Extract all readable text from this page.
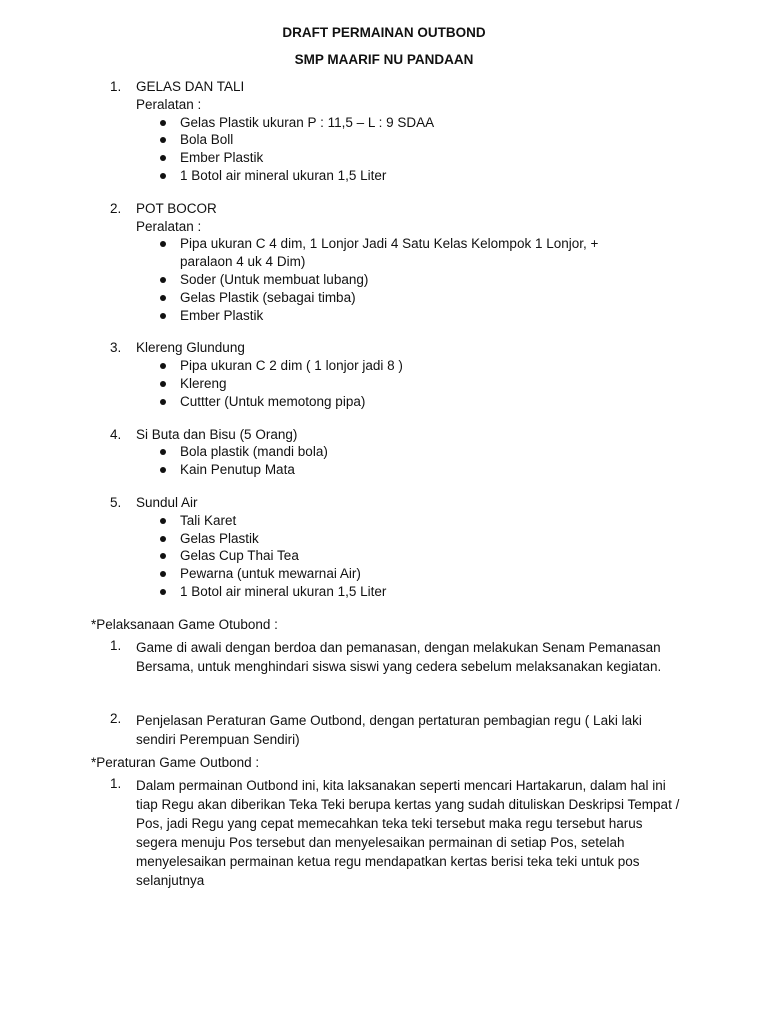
DRAFT PERMAINAN OUTBOND
SMP MAARIF NU PANDAAN
1. GELAS DAN TALI
Peralatan :
Gelas Plastik ukuran P : 11,5 – L : 9 SDAA
Bola Boll
Ember Plastik
1 Botol air mineral ukuran 1,5 Liter
2. POT BOCOR
Peralatan :
Pipa ukuran C 4 dim, 1 Lonjor Jadi 4 Satu Kelas Kelompok 1 Lonjor, + paralaon 4 uk 4 Dim)
Soder (Untuk membuat lubang)
Gelas Plastik (sebagai timba)
Ember Plastik
3. Klereng Glundung
Pipa ukuran C 2 dim ( 1 lonjor jadi 8 )
Klereng
Cuttter (Untuk memotong pipa)
4. Si Buta dan Bisu (5 Orang)
Bola plastik (mandi bola)
Kain Penutup Mata
5. Sundul Air
Tali Karet
Gelas Plastik
Gelas Cup Thai Tea
Pewarna (untuk mewarnai Air)
1 Botol air mineral ukuran 1,5 Liter
*Pelaksanaan Game Otubond :
1.	Game di awali dengan berdoa dan pemanasan, dengan melakukan Senam Pemanasan Bersama, untuk menghindari siswa siswi yang cedera sebelum melaksanakan kegiatan.
2.	Penjelasan Peraturan Game Outbond, dengan pertaturan pembagian regu ( Laki laki sendiri Perempuan Sendiri)
*Peraturan Game Outbond :
1.	Dalam permainan Outbond ini, kita laksanakan seperti mencari Hartakarun, dalam hal ini tiap Regu akan diberikan Teka Teki berupa kertas yang sudah dituliskan Deskripsi Tempat / Pos, jadi Regu yang cepat memecahkan teka teki tersebut maka regu tersebut harus segera menuju Pos tersebut dan menyelesaikan permainan di setiap Pos, setelah menyelesaikan permainan ketua regu mendapatkan kertas berisi teka teki untuk pos selanjutnya
